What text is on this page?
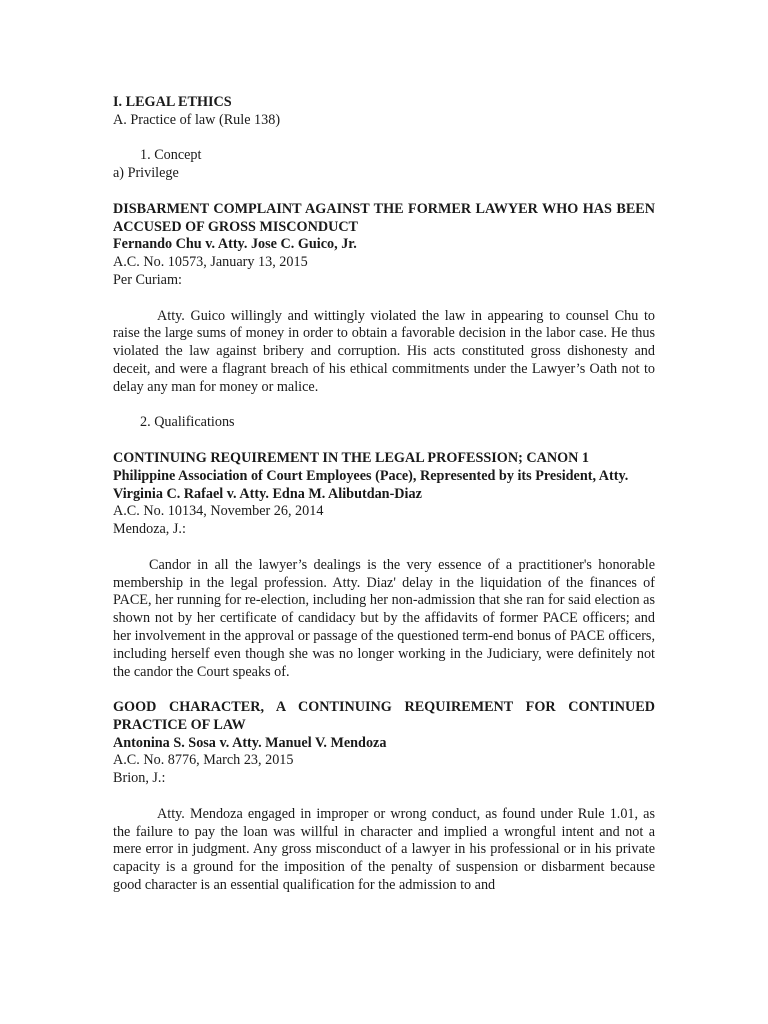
I. LEGAL ETHICS
A. Practice of law (Rule 138)
1. Concept
a) Privilege
DISBARMENT COMPLAINT AGAINST THE FORMER LAWYER WHO HAS BEEN ACCUSED OF GROSS MISCONDUCT
Fernando Chu v. Atty. Jose C. Guico, Jr.
A.C. No. 10573, January 13, 2015
Per Curiam:
Atty. Guico willingly and wittingly violated the law in appearing to counsel Chu to raise the large sums of money in order to obtain a favorable decision in the labor case. He thus violated the law against bribery and corruption. His acts constituted gross dishonesty and deceit, and were a flagrant breach of his ethical commitments under the Lawyer’s Oath not to delay any man for money or malice.
2. Qualifications
CONTINUING REQUIREMENT IN THE LEGAL PROFESSION; CANON 1
Philippine Association of Court Employees (Pace), Represented by its President, Atty. Virginia C. Rafael v. Atty. Edna M. Alibutdan-Diaz
A.C. No. 10134, November 26, 2014
Mendoza, J.:
Candor in all the lawyer’s dealings is the very essence of a practitioner's honorable membership in the legal profession. Atty. Diaz' delay in the liquidation of the finances of PACE, her running for re-election, including her non-admission that she ran for said election as shown not by her certificate of candidacy but by the affidavits of former PACE officers; and her involvement in the approval or passage of the questioned term-end bonus of PACE officers, including herself even though she was no longer working in the Judiciary, were definitely not the candor the Court speaks of.
GOOD CHARACTER, A CONTINUING REQUIREMENT FOR CONTINUED PRACTICE OF LAW
Antonina S. Sosa v. Atty. Manuel V. Mendoza
A.C. No. 8776, March 23, 2015
Brion, J.:
Atty. Mendoza engaged in improper or wrong conduct, as found under Rule 1.01, as the failure to pay the loan was willful in character and implied a wrongful intent and not a mere error in judgment. Any gross misconduct of a lawyer in his professional or in his private capacity is a ground for the imposition of the penalty of suspension or disbarment because good character is an essential qualification for the admission to and
